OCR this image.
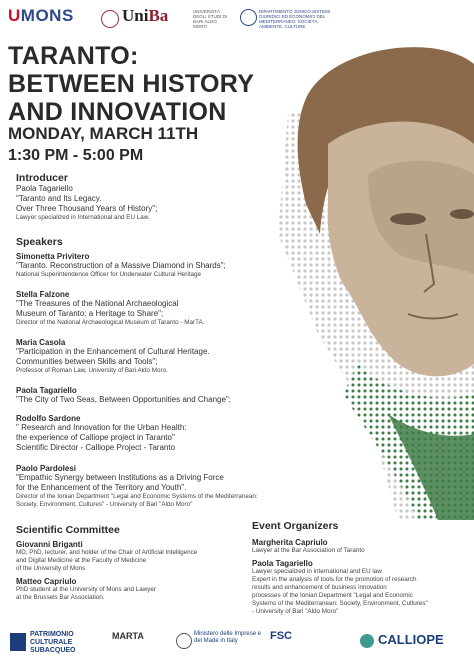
UMONS	UniBa	UNIVERSITÀ DEGLI STUDI DI BARI ALDO MORO
DIPARTIMENTO JONICO SISTEMI GIURIDICI ED ECONOMICI DEL MEDITERRANEO: SOCIETÀ, AMBIENTE, CULTURE
TARANTO:
BETWEEN HISTORY
AND INNOVATION
MONDAY, MARCH 11TH
1:30 PM - 5:00 PM
Introducer
Paola Tagariello
"Taranto and Its Legacy.
Over Three Thousand Years of History";
Lawyer specialized in International and EU Law.
Speakers
Simonetta Privitero
"Taranto. Reconstruction of a Massive Diamond in Shards";
National Superintendence Officer for Underwater Cultural Heritage
Stella Falzone
"The Treasures of the National Archaeological
Museum of Taranto: a Heritage to Share";
Director of the National Archaeological Museum of Taranto - MarTA.
Maria Casola
"Participation in the Enhancement of Cultural Heritage.
Communities between Skills and Tools";
Professor of Roman Law, University of Bari Aldo Moro.
Paola Tagariello
"The City of Two Seas, Between Opportunities and Change";
Rodolfo Sardone
" Research and Innovation for the Urban Health:
the experience of Calliope project in Taranto"
Scientific Director - Calliope Project - Taranto
Paolo Pardolesi
"Empathic Synergy between Institutions as a Driving Force
for the Enhancement of the Territory and Youth".
Director of the Ionian Department "Legal and Economic Systems of the Mediterranean:
Society, Environment, Cultures" - University of Bari "Aldo Moro"
Scientific Committee
Giovanni Briganti
MD, PhD, lecturer, and holder of the Chair of Artificial Intelligence
and Digital Medicine at the Faculty of Medicine
of the University of Mons
Matteo Capriulo
PhD student at the University of Mons and Lawyer
at the Brussels Bar Association.
Event Organizers
Margherita Capriulo
Lawyer at the Bar Association of Taranto
Paola Tagariello
Lawyer specialized in international and EU law
Expert in the analysis of tools for the promotion of research
results and enhancement of business innovation
processes of the Ionian Department "Legal and Economic
Systems of the Mediterranean: Society, Environment, Cultures"
- University of Bari "Aldo Moro"
PATRIMONIO CULTURALE SUBACQUEO
MARTA	Ministero delle Imprese e del Made in Italy	FSC	CALLIOPE
